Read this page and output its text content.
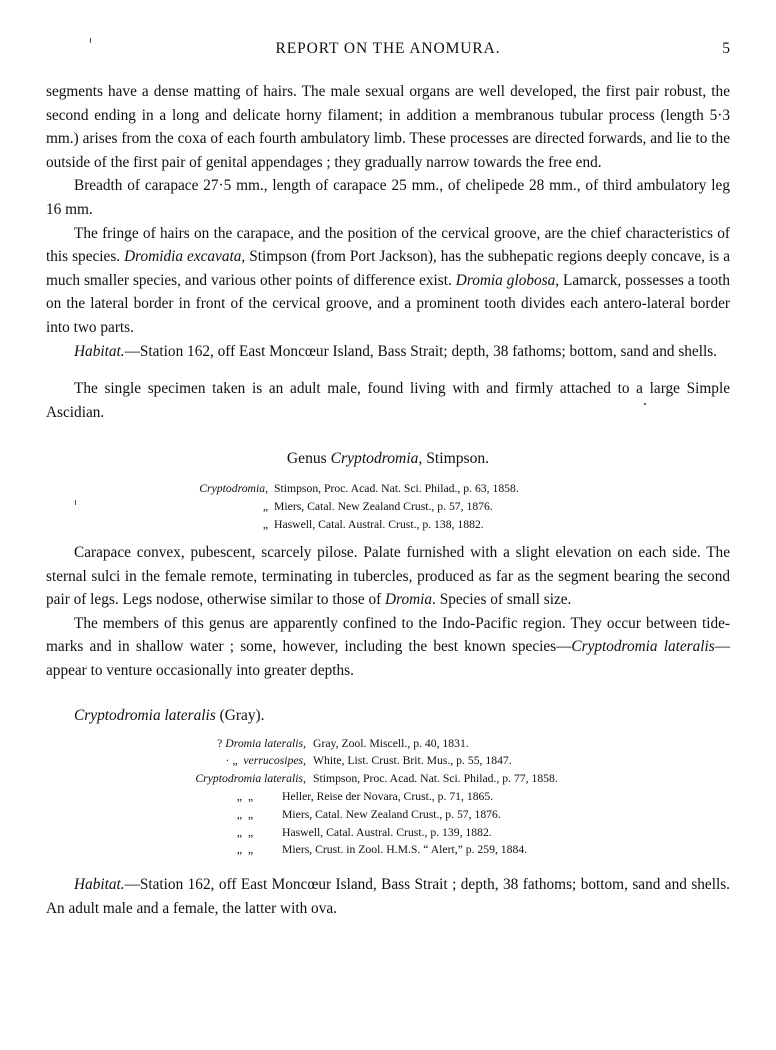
REPORT ON THE ANOMURA.	5

segments have a dense matting of hairs. The male sexual organs are well developed, the first pair robust, the second ending in a long and delicate horny filament; in addition a membranous tubular process (length 5·3 mm.) arises from the coxa of each fourth ambulatory limb. These processes are directed forwards, and lie to the outside of the first pair of genital appendages ; they gradually narrow towards the free end.

Breadth of carapace 27·5 mm., length of carapace 25 mm., of chelipede 28 mm., of third ambulatory leg 16 mm.

The fringe of hairs on the carapace, and the position of the cervical groove, are the chief characteristics of this species. Dromidia excavata, Stimpson (from Port Jackson), has the subhepatic regions deeply concave, is a much smaller species, and various other points of difference exist. Dromia globosa, Lamarck, possesses a tooth on the lateral border in front of the cervical groove, and a prominent tooth divides each antero-lateral border into two parts.

Habitat.—Station 162, off East Moncœur Island, Bass Strait; depth, 38 fathoms; bottom, sand and shells.

The single specimen taken is an adult male, found living with and firmly attached to a large Simple Ascidian.

Genus Cryptodromia, Stimpson.
Cryptodromia, Stimpson, Proc. Acad. Nat. Sci. Philad., p. 63, 1858.
„ Miers, Catal. New Zealand Crust., p. 57, 1876.
„ Haswell, Catal. Austral. Crust., p. 138, 1882.

Carapace convex, pubescent, scarcely pilose. Palate furnished with a slight elevation on each side. The sternal sulci in the female remote, terminating in tubercles, produced as far as the segment bearing the second pair of legs. Legs nodose, otherwise similar to those of Dromia. Species of small size.

The members of this genus are apparently confined to the Indo-Pacific region. They occur between tide-marks and in shallow water ; some, however, including the best known species—Cryptodromia lateralis—appear to venture occasionally into greater depths.

Cryptodromia lateralis (Gray).
? Dromia lateralis, Gray, Zool. Miscell., p. 40, 1831.
· „ verrucosipes, White, List. Crust. Brit. Mus., p. 55, 1847.
Cryptodromia lateralis, Stimpson, Proc. Acad. Nat. Sci. Philad., p. 77, 1858.
„ „	Heller, Reise der Novara, Crust., p. 71, 1865.
„ „	Miers, Catal. New Zealand Crust., p. 57, 1876.
„ „	Haswell, Catal. Austral. Crust., p. 139, 1882.
„ „	Miers, Crust. in Zool. H.M.S. “ Alert,” p. 259, 1884.

Habitat.—Station 162, off East Moncœur Island, Bass Strait ; depth, 38 fathoms; bottom, sand and shells. An adult male and a female, the latter with ova.
